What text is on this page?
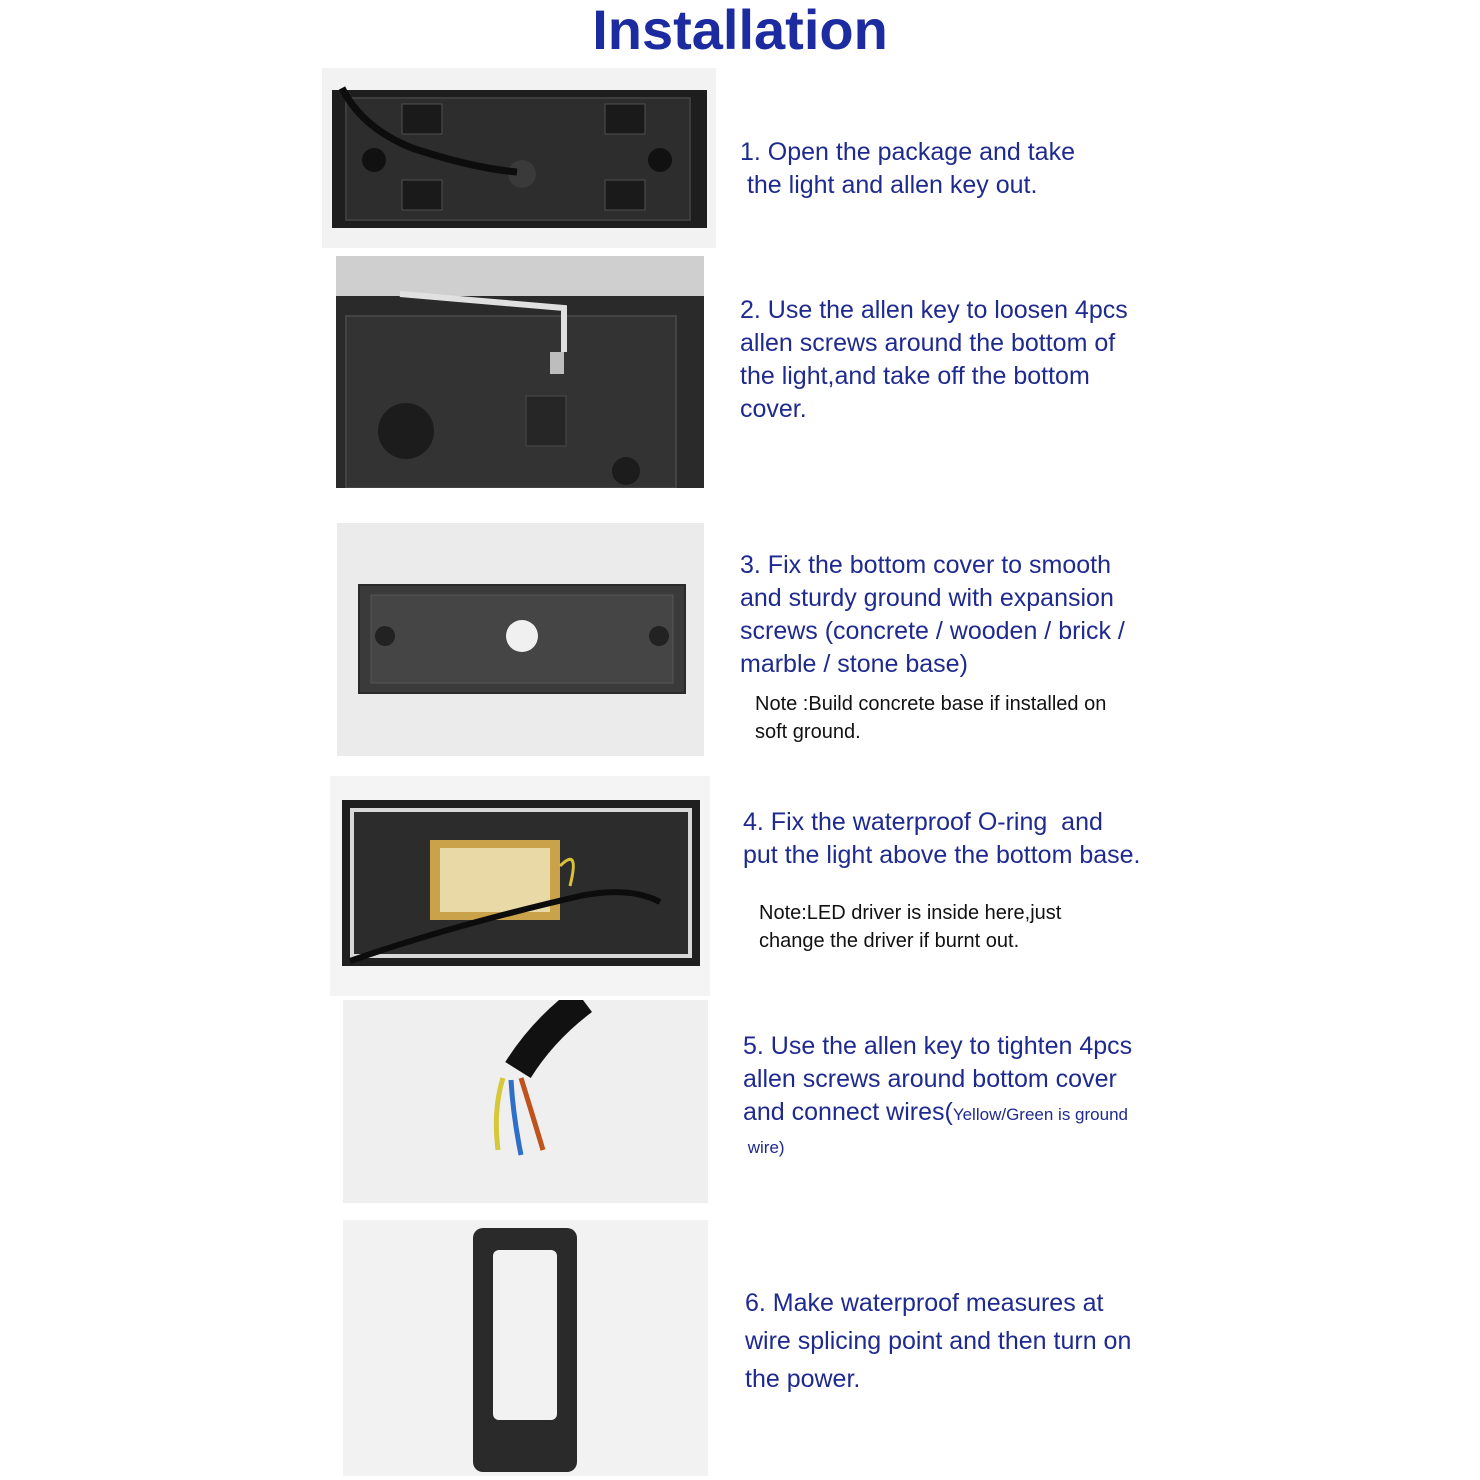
Installation

1. Open the package and take
the light and allen key out.

2. Use the allen key to loosen 4pcs
allen screws around the bottom of
the light,and take off the bottom
cover.

3. Fix the bottom cover to smooth
and sturdy ground with expansion
screws (concrete / wooden / brick /
marble / stone base)

Note :Build concrete base if installed on
soft ground.

4. Fix the waterproof O-ring  and
put the light above the bottom base.

Note:LED driver is inside here,just
change the driver if burnt out.

5. Use the allen key to tighten 4pcs
allen screws around bottom cover
and connect wires(Yellow/Green is ground

wire)

6. Make waterproof measures at
wire splicing point and then turn on
the power.
